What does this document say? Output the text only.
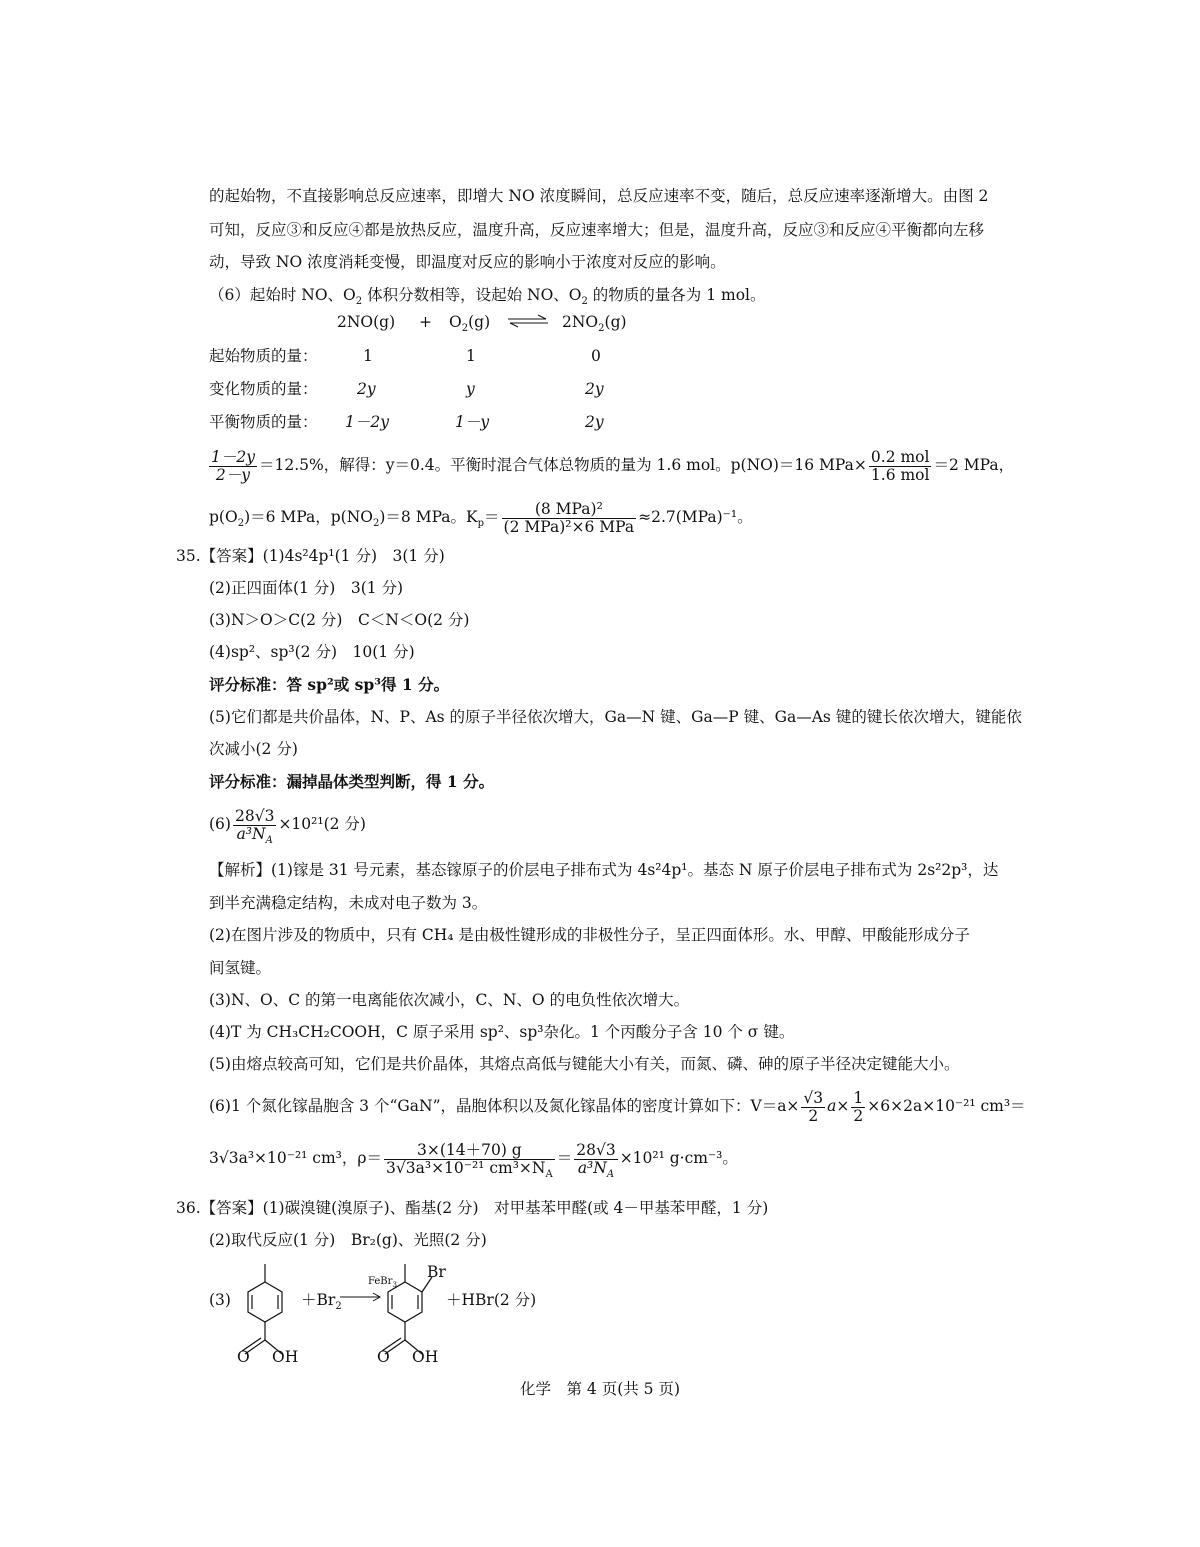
的起始物，不直接影响总反应速率，即增大 NO 浓度瞬间，总反应速率不变，随后，总反应速率逐渐增大。由图 2
可知，反应③和反应④都是放热反应，温度升高，反应速率增大；但是，温度升高，反应③和反应④平衡都向左移
动，导致 NO 浓度消耗变慢，即温度对反应的影响小于浓度对反应的影响。
（6）起始时 NO、$O_2$ 体积分数相等，设起始 NO、$O_2$ 的物质的量各为 1 mol。
$2NO(g) + O_2(g)$ ⇌ $2NO_2(g)$
起始物质的量：	1	1	0
变化物质的量：	2y	y	2y
平衡物质的量： 1－2y	1－y	2y
$\frac{1-2y}{2-y} =12.5\%$，解得：y＝0.4。平衡时混合气体总物质的量为 1.6 mol。p(NO)＝16 $MPa\times \frac{\text{0.2 mol}}{\text{1.6 mol}} =2$ MPa，
$p(O_2)=6$ MPa，$p(NO_2)=8$ MPa。$K_p= \frac{\text{(8 MPa)²}}{\text{(2 MPa)²×6 MPa}} \approx 2.7(MPa)^{-1}$。
35.【答案】(1)4s²4p¹(1 分)　3(1 分)
(2)正四面体(1 分)　3(1 分)
(3)N＞O＞C(2 分)　C＜N＜O(2 分)
(4)sp²、sp³(2 分)　10(1 分)
评分标准：答 sp²或 sp³得 1 分。
(5)它们都是共价晶体，N、P、As 的原子半径依次增大，Ga—N 键、Ga—P 键、Ga—As 键的键长依次增大，键能依
次减小(2 分)
评分标准：漏掉晶体类型判断，得 1 分。
$(6) \frac{28√3}{a^3N_A} \times 10^{21}(2$ 分)
【解析】(1)镓是 31 号元素，基态镓原子的价层电子排布式为 4s²4p¹。基态 N 原子价层电子排布式为 2s²2p³，达
到半充满稳定结构，未成对电子数为 3。
(2)在图片涉及的物质中，只有 CH₄ 是由极性键形成的非极性分子，呈正四面体形。水、甲醇、甲酸能形成分子
间氢键。
(3)N、O、C 的第一电离能依次减小，C、N、O 的电负性依次增大。
(4)T 为 CH₃CH₂COOH，C 原子采用 sp²、sp³杂化。1 个丙酸分子含 10 个 σ 键。
(5)由熔点较高可知，它们是共价晶体，其熔点高低与键能大小有关，而氮、磷、砷的原子半径决定键能大小。
(6)1 个氮化镓晶胞含 3 个“GaN”，晶胞体积以及氮化镓晶体的密度计算如下：$V=a\times \frac{√3}{2} a\times \frac{1}{2} \times 6\times 2a\times 10^{-21}$ cm³＝
3√3a³×10⁻²¹ cm³，$\rho= \frac{3\times(14+70) g}{3√3a^3\times 10^{-21} cm^3\times N_A} = \frac{28√3}{a^3N_A} \times 10^{21}$ g·cm⁻³。
36.【答案】(1)碳溴键(溴原子)、酯基(2 分)　对甲基苯甲醛(或 4－甲基苯甲醛，1 分)
(2)取代反应(1 分)　Br₂(g)、光照(2 分)
(3)
O OH
$+Br_2$
FeBr$_3$
Br
O OH
＋HBr(2 分)
化学　第 4 页(共 5 页)
